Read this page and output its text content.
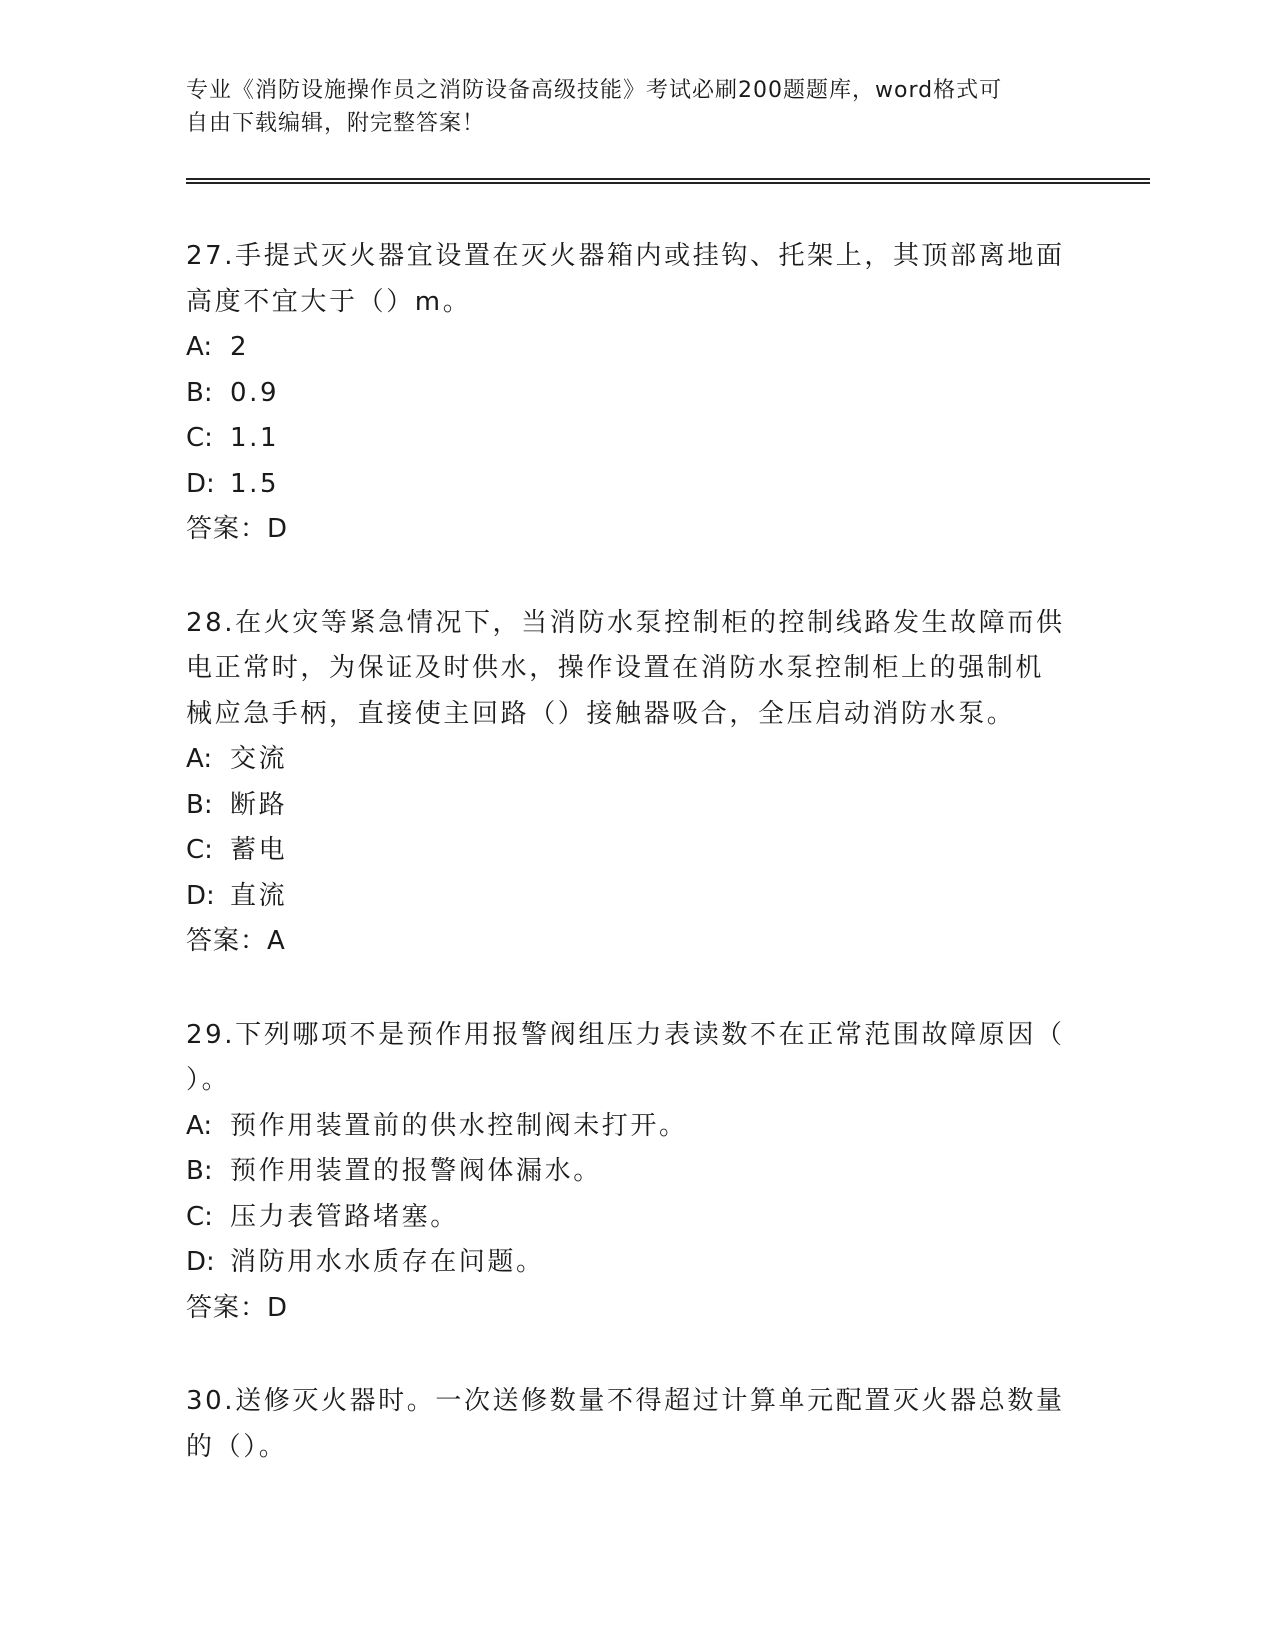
专业《消防设施操作员之消防设备高级技能》考试必刷200题题库，word格式可
自由下载编辑，附完整答案！
27.手提式灭火器宜设置在灭火器箱内或挂钩、托架上，其顶部离地面
高度不宜大于（）m。
A: 2
B: 0.9
C: 1.1
D: 1.5
答案：D
28.在火灾等紧急情况下，当消防水泵控制柜的控制线路发生故障而供
电正常时，为保证及时供水，操作设置在消防水泵控制柜上的强制机
械应急手柄，直接使主回路（）接触器吸合，全压启动消防水泵。
A: 交流
B: 断路
C: 蓄电
D: 直流
答案：A
29.下列哪项不是预作用报警阀组压力表读数不在正常范围故障原因（
）。
A: 预作用装置前的供水控制阀未打开。
B: 预作用装置的报警阀体漏水。
C: 压力表管路堵塞。
D: 消防用水水质存在问题。
答案：D
30.送修灭火器时。一次送修数量不得超过计算单元配置灭火器总数量
的（）。
